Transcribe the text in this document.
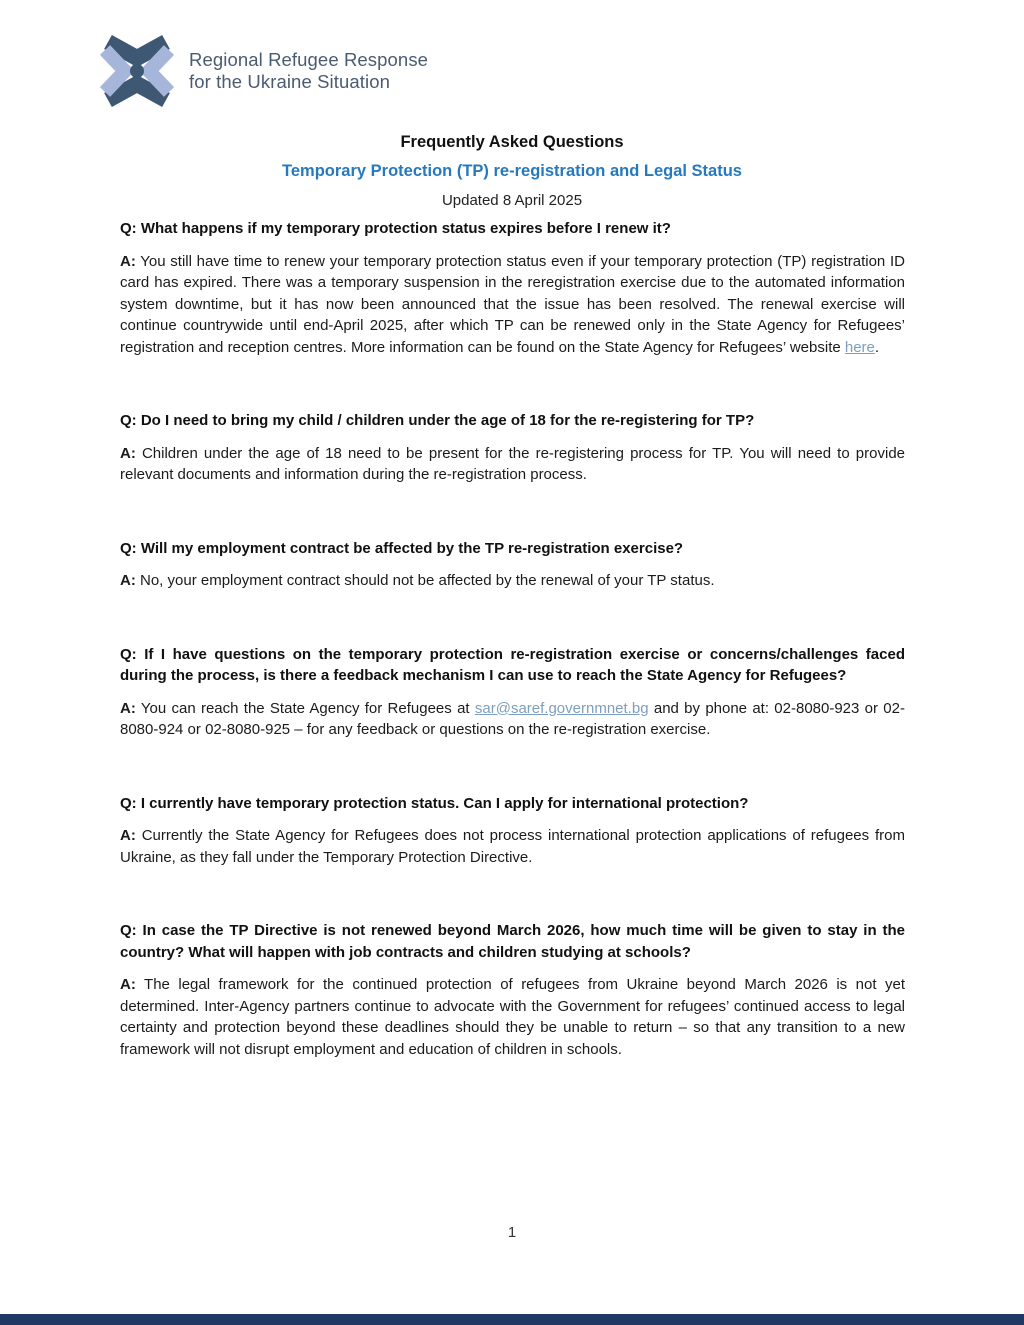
Regional Refugee Response
for the Ukraine Situation
Frequently Asked Questions
Temporary Protection (TP) re-registration and Legal Status
Updated 8 April 2025

Q: What happens if my temporary protection status expires before I renew it?

A: You still have time to renew your temporary protection status even if your temporary protection (TP) registration ID card has expired. There was a temporary suspension in the reregistration exercise due to the automated information system downtime, but it has now been announced that the issue has been resolved. The renewal exercise will continue countrywide until end-April 2025, after which TP can be renewed only in the State Agency for Refugees’ registration and reception centres. More information can be found on the State Agency for Refugees’ website here.

Q: Do I need to bring my child / children under the age of 18 for the re-registering for TP?

A: Children under the age of 18 need to be present for the re-registering process for TP. You will need to provide relevant documents and information during the re-registration process.

Q: Will my employment contract be affected by the TP re-registration exercise?

A: No, your employment contract should not be affected by the renewal of your TP status.

Q: If I have questions on the temporary protection re-registration exercise or concerns/challenges faced during the process, is there a feedback mechanism I can use to reach the State Agency for Refugees?

A: You can reach the State Agency for Refugees at sar@saref.governmnet.bg and by phone at: 02-8080-923 or 02-8080-924 or 02-8080-925 – for any feedback or questions on the re-registration exercise.

Q: I currently have temporary protection status. Can I apply for international protection?

A: Currently the State Agency for Refugees does not process international protection applications of refugees from Ukraine, as they fall under the Temporary Protection Directive.

Q: In case the TP Directive is not renewed beyond March 2026, how much time will be given to stay in the country? What will happen with job contracts and children studying at schools?

A: The legal framework for the continued protection of refugees from Ukraine beyond March 2026 is not yet determined. Inter-Agency partners continue to advocate with the Government for refugees’ continued access to legal certainty and protection beyond these deadlines should they be unable to return – so that any transition to a new framework will not disrupt employment and education of children in schools.

1
